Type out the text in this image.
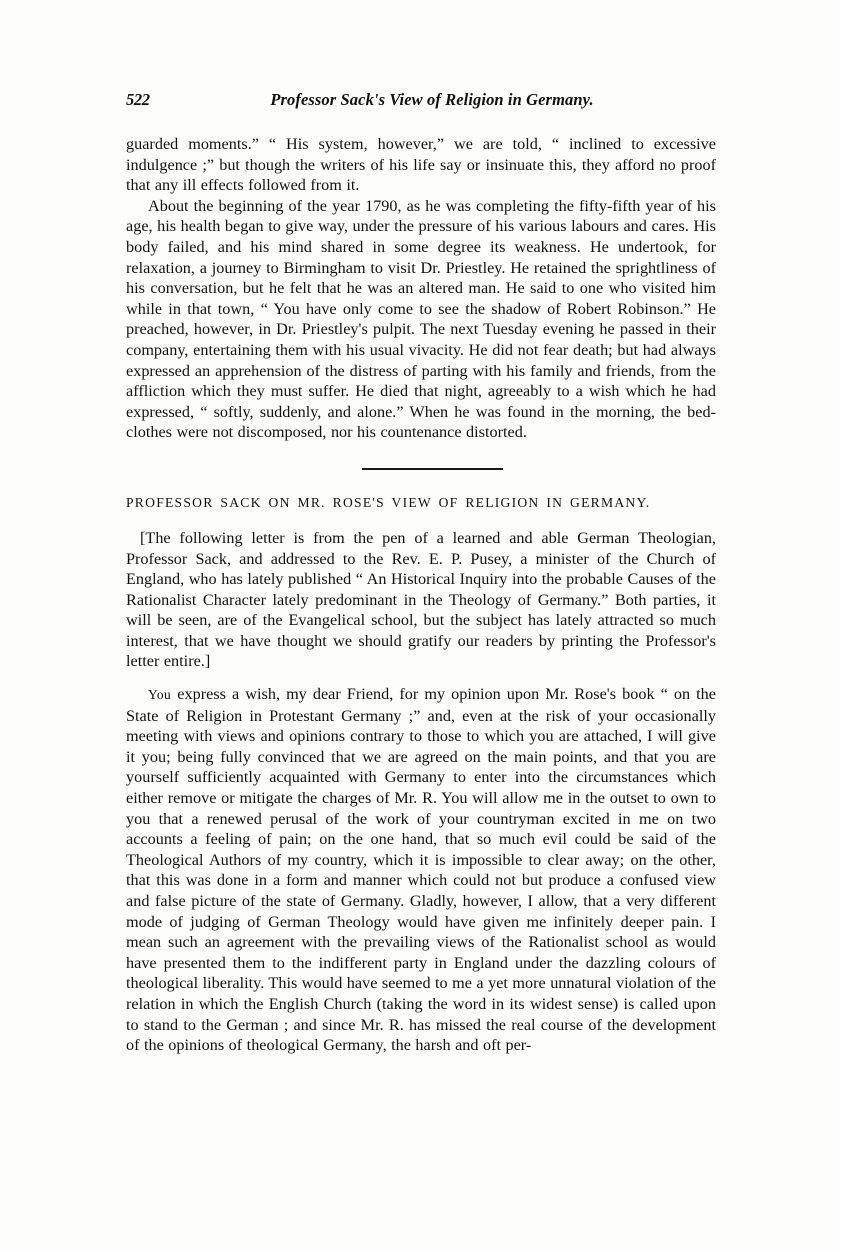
522	Professor Sack's View of Religion in Germany.

guarded moments.” “ His system, however,” we are told, “ inclined to excessive indulgence ;” but though the writers of his life say or insinuate this, they afford no proof that any ill effects followed from it.

About the beginning of the year 1790, as he was completing the fifty-fifth year of his age, his health began to give way, under the pressure of his various labours and cares. His body failed, and his mind shared in some degree its weakness. He undertook, for relaxation, a journey to Birmingham to visit Dr. Priestley. He retained the sprightliness of his conversation, but he felt that he was an altered man. He said to one who visited him while in that town, “ You have only come to see the shadow of Robert Robinson.” He preached, however, in Dr. Priestley's pulpit. The next Tuesday evening he passed in their company, entertaining them with his usual vivacity. He did not fear death; but had always expressed an apprehension of the distress of parting with his family and friends, from the affliction which they must suffer. He died that night, agreeably to a wish which he had expressed, “ softly, suddenly, and alone.” When he was found in the morning, the bed-clothes were not discomposed, nor his countenance distorted.

PROFESSOR SACK ON MR. ROSE'S VIEW OF RELIGION IN GERMANY.

[The following letter is from the pen of a learned and able German Theologian, Professor Sack, and addressed to the Rev. E. P. Pusey, a minister of the Church of England, who has lately published “ An Historical Inquiry into the probable Causes of the Rationalist Character lately predominant in the Theology of Germany.” Both parties, it will be seen, are of the Evangelical school, but the subject has lately attracted so much interest, that we have thought we should gratify our readers by printing the Professor's letter entire.]

You express a wish, my dear Friend, for my opinion upon Mr. Rose's book “ on the State of Religion in Protestant Germany ;” and, even at the risk of your occasionally meeting with views and opinions contrary to those to which you are attached, I will give it you; being fully convinced that we are agreed on the main points, and that you are yourself sufficiently acquainted with Germany to enter into the circumstances which either remove or mitigate the charges of Mr. R. You will allow me in the outset to own to you that a renewed perusal of the work of your countryman excited in me on two accounts a feeling of pain; on the one hand, that so much evil could be said of the Theological Authors of my country, which it is impossible to clear away; on the other, that this was done in a form and manner which could not but produce a confused view and false picture of the state of Germany. Gladly, however, I allow, that a very different mode of judging of German Theology would have given me infinitely deeper pain. I mean such an agreement with the prevailing views of the Rationalist school as would have presented them to the indifferent party in England under the dazzling colours of theological liberality. This would have seemed to me a yet more unnatural violation of the relation in which the English Church (taking the word in its widest sense) is called upon to stand to the German ; and since Mr. R. has missed the real course of the development of the opinions of theological Germany, the harsh and oft per-
